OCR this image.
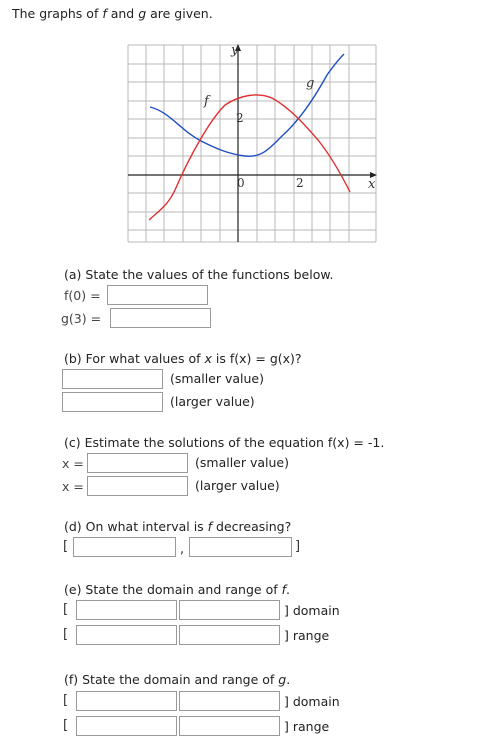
The graphs of f and g are given.
y
x
f
g
2
0	2
(a) State the values of the functions below.
f(0) =
g(3) =
(b) For what values of x is f(x) = g(x)?
(smaller value)
(larger value)
(c) Estimate the solutions of the equation f(x) = -1.
x =	(smaller value)
x =	(larger value)
(d) On what interval is f decreasing?
[	,	]
(e) State the domain and range of f.
[	] domain
[	] range
(f) State the domain and range of g.
[	] domain
[	] range
